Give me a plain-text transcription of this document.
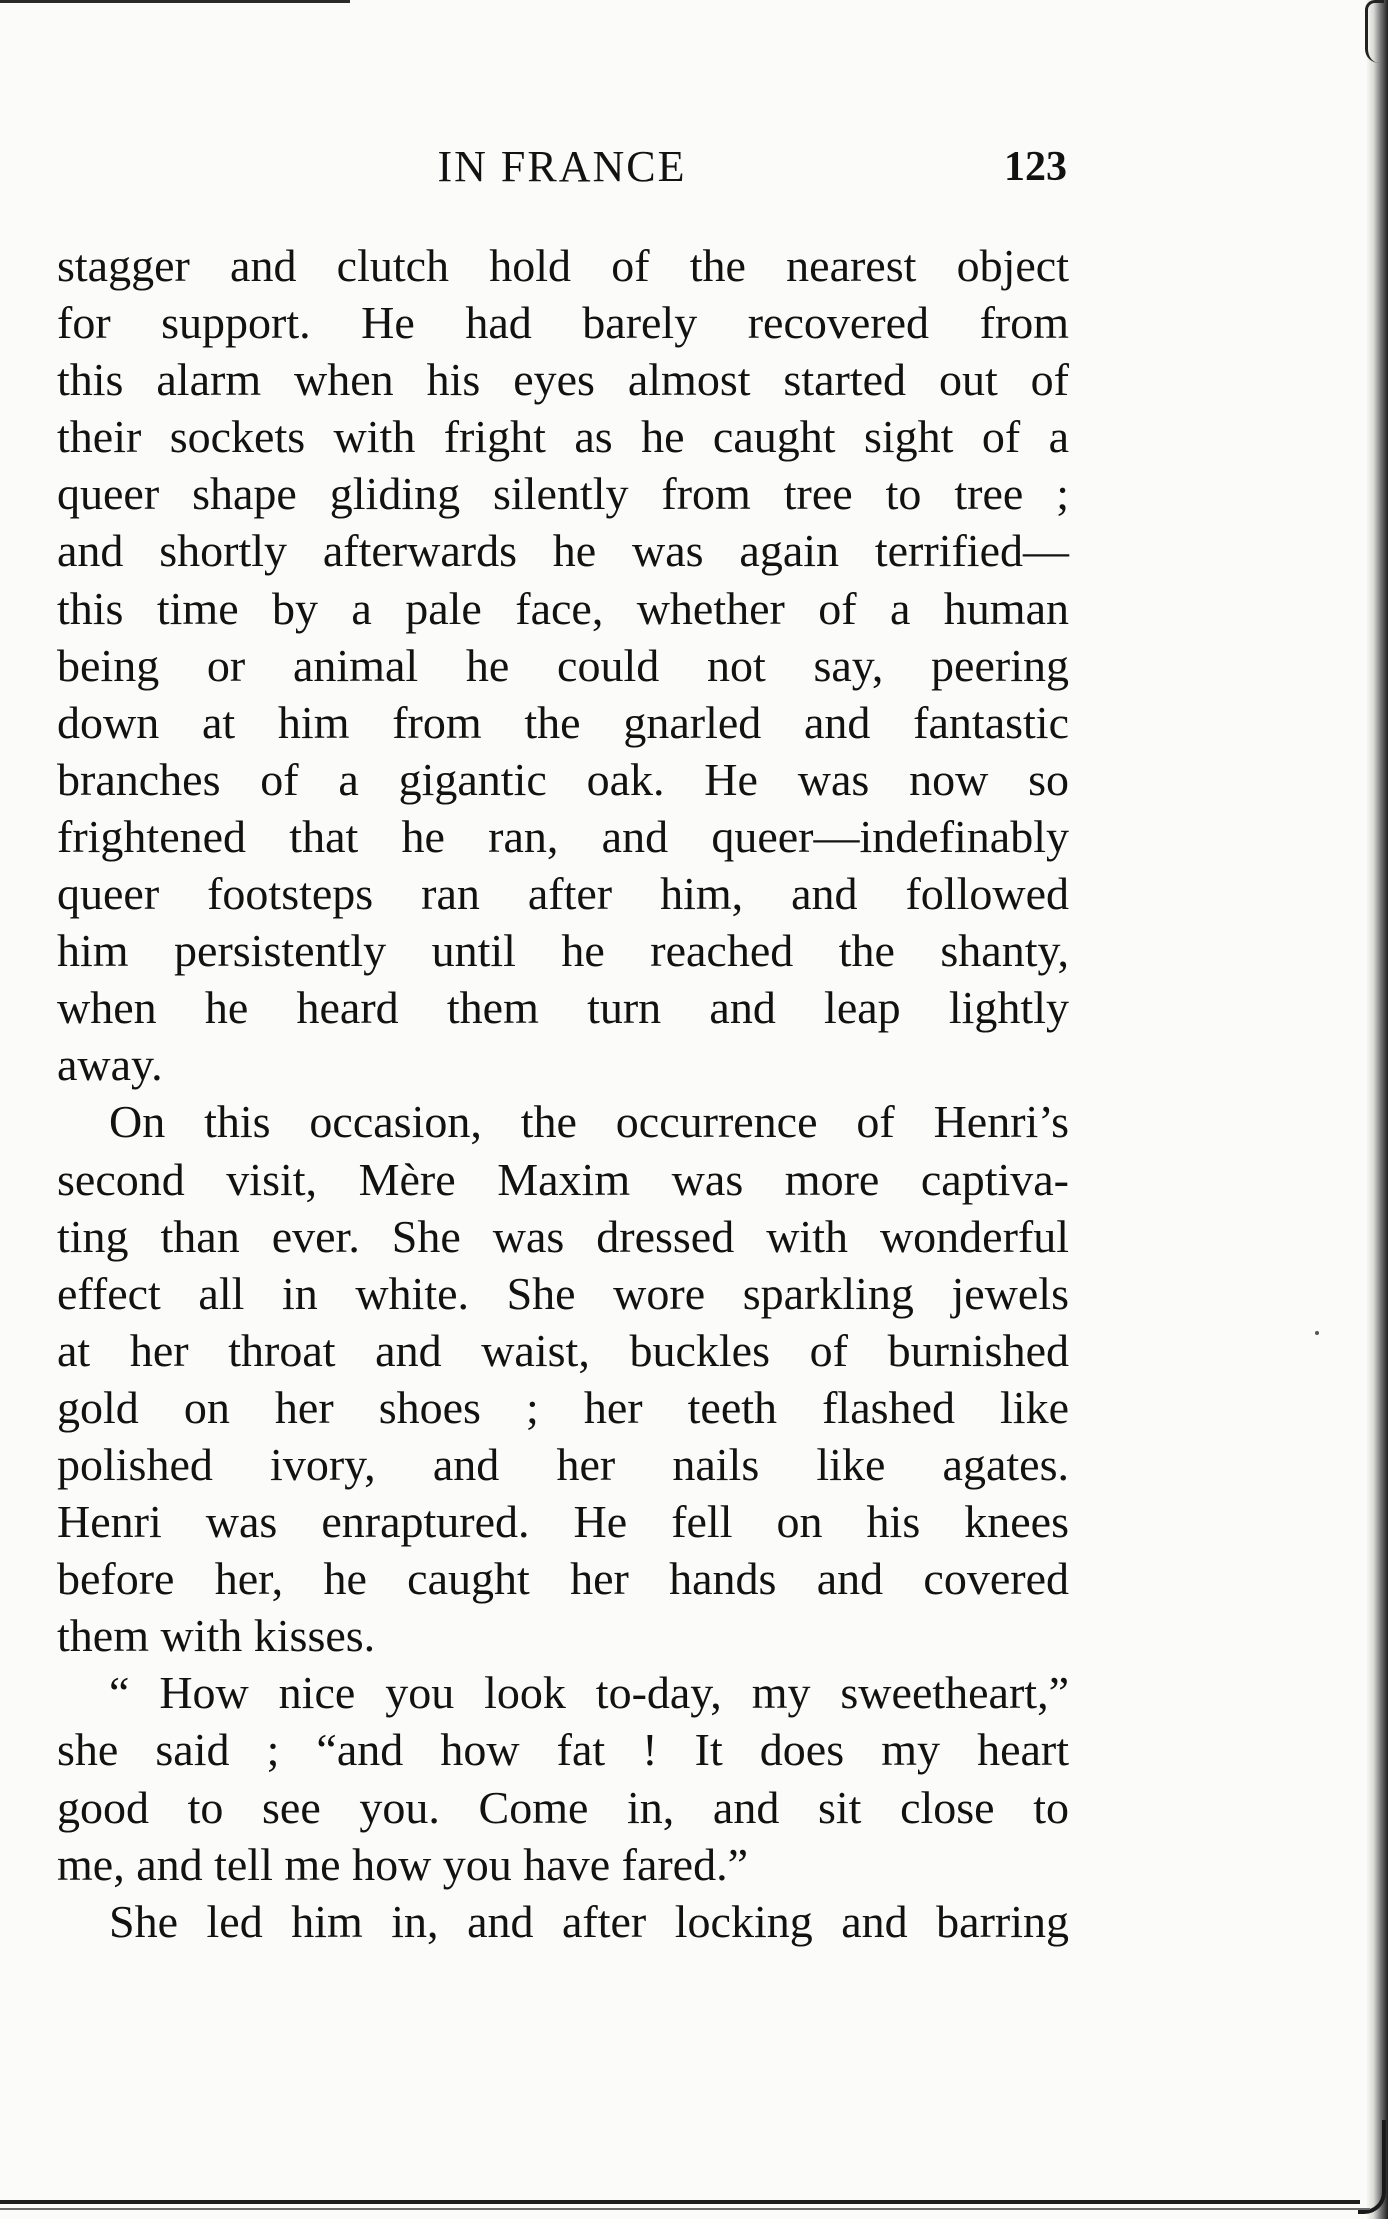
IN FRANCE	123
stagger and clutch hold of the nearest object
for support. He had barely recovered from
this alarm when his eyes almost started out of
their sockets with fright as he caught sight of a
queer shape gliding silently from tree to tree ;
and shortly afterwards he was again terrified—
this time by a pale face, whether of a human
being or animal he could not say, peering
down at him from the gnarled and fantastic
branches of a gigantic oak. He was now so
frightened that he ran, and queer—indefinably
queer footsteps ran after him, and followed
him persistently until he reached the shanty,
when he heard them turn and leap lightly
away.
On this occasion, the occurrence of Henri’s
second visit, Mère Maxim was more captiva-
ting than ever. She was dressed with wonderful
effect all in white. She wore sparkling jewels
at her throat and waist, buckles of burnished
gold on her shoes ; her teeth flashed like
polished ivory, and her nails like agates.
Henri was enraptured. He fell on his knees
before her, he caught her hands and covered
them with kisses.
“ How nice you look to-day, my sweetheart,”
she said ; “and how fat ! It does my heart
good to see you. Come in, and sit close to
me, and tell me how you have fared.”
She led him in, and after locking and barring
